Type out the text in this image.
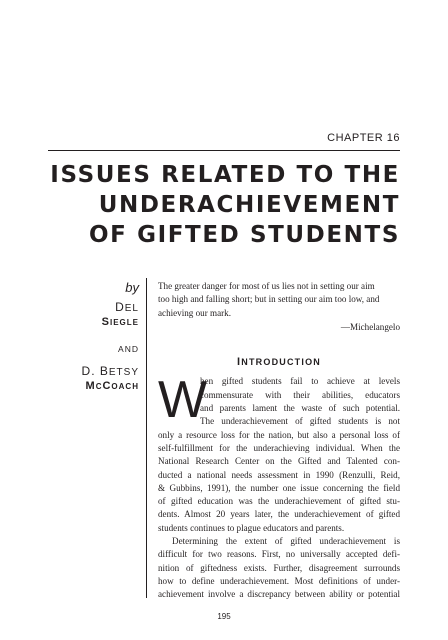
CHAPTER 16
ISSUES RELATED TO THE
UNDERACHIEVEMENT
OF GIFTED STUDENTS
by
DEL
Siegle
AND
D. BETSY
McCoach

The greater danger for most of us lies not in setting our aim

too high and falling short; but in setting our aim too low, and

achieving our mark.

—Michelangelo

INTRODUCTION
W
hen gifted students fail to achieve at levels
commensurate with their abilities, educators
and parents lament the waste of such potential.
The underachievement of gifted students is not
only a resource loss for the nation, but also a personal loss of
self-fulfillment for the underachieving individual. When the
National Research Center on the Gifted and Talented con-
ducted a national needs assessment in 1990 (Renzulli, Reid,
& Gubbins, 1991), the number one issue concerning the field
of gifted education was the underachievement of gifted stu-
dents. Almost 20 years later, the underachievement of gifted
students continues to plague educators and parents.
Determining the extent of gifted underachievement is
difficult for two reasons. First, no universally accepted defi-
nition of giftedness exists. Further, disagreement surrounds
how to define underachievement. Most definitions of under-
achievement involve a discrepancy between ability or potential
195
